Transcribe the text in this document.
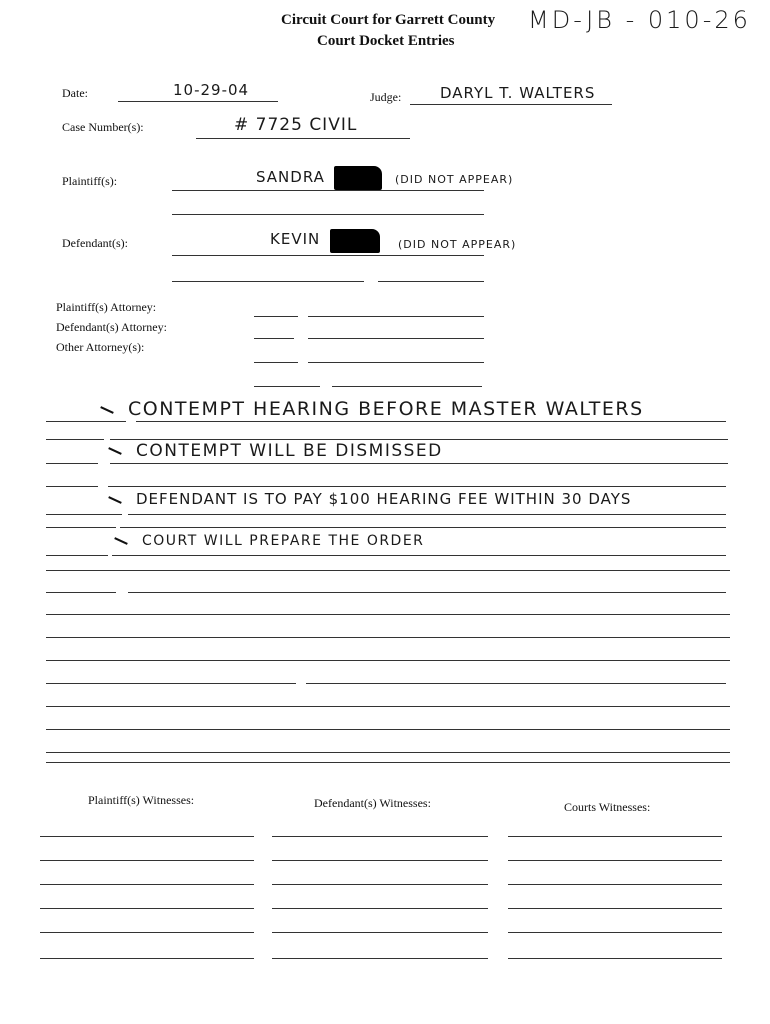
Circuit Court for Garrett County
Court Docket Entries
MD-JB - 010-26
Date:	10-29-04	Judge:	DARYL T. WALTERS
Case Number(s):	# 7725 CIVIL
Plaintiff(s):	SANDRA	(DID NOT APPEAR)
Defendant(s):	KEVIN	(DID NOT APPEAR)
Plaintiff(s) Attorney:
Defendant(s) Attorney:
Other Attorney(s):
CONTEMPT HEARING BEFORE MASTER WALTERS
CONTEMPT WILL BE DISMISSED
DEFENDANT IS TO PAY $100 HEARING FEE WITHIN 30 DAYS
COURT WILL PREPARE THE ORDER
Plaintiff(s) Witnesses:	Defendant(s) Witnesses:	Courts Witnesses:
